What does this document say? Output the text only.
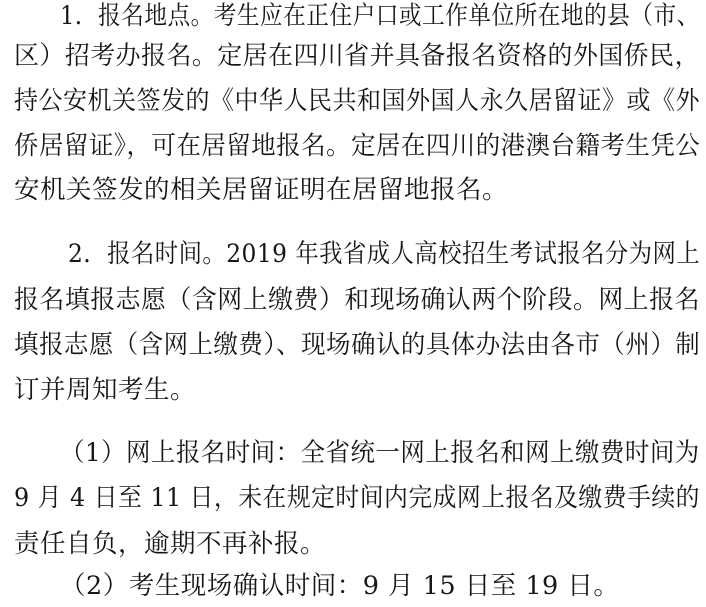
1．报名地点。考生应在正住户口或工作单位所在地的县（市、
区）招考办报名。定居在四川省并具备报名资格的外国侨民，
持公安机关签发的《中华人民共和国外国人永久居留证》或《外
侨居留证》，可在居留地报名。定居在四川的港澳台籍考生凭公
安机关签发的相关居留证明在居留地报名。
2．报名时间。2019 年我省成人高校招生考试报名分为网上
报名填报志愿（含网上缴费）和现场确认两个阶段。网上报名
填报志愿（含网上缴费）、现场确认的具体办法由各市（州）制
订并周知考生。
（1）网上报名时间：全省统一网上报名和网上缴费时间为
9 月 4 日至 11 日，未在规定时间内完成网上报名及缴费手续的
责任自负，逾期不再补报。
（2）考生现场确认时间：9 月 15 日至 19 日。
